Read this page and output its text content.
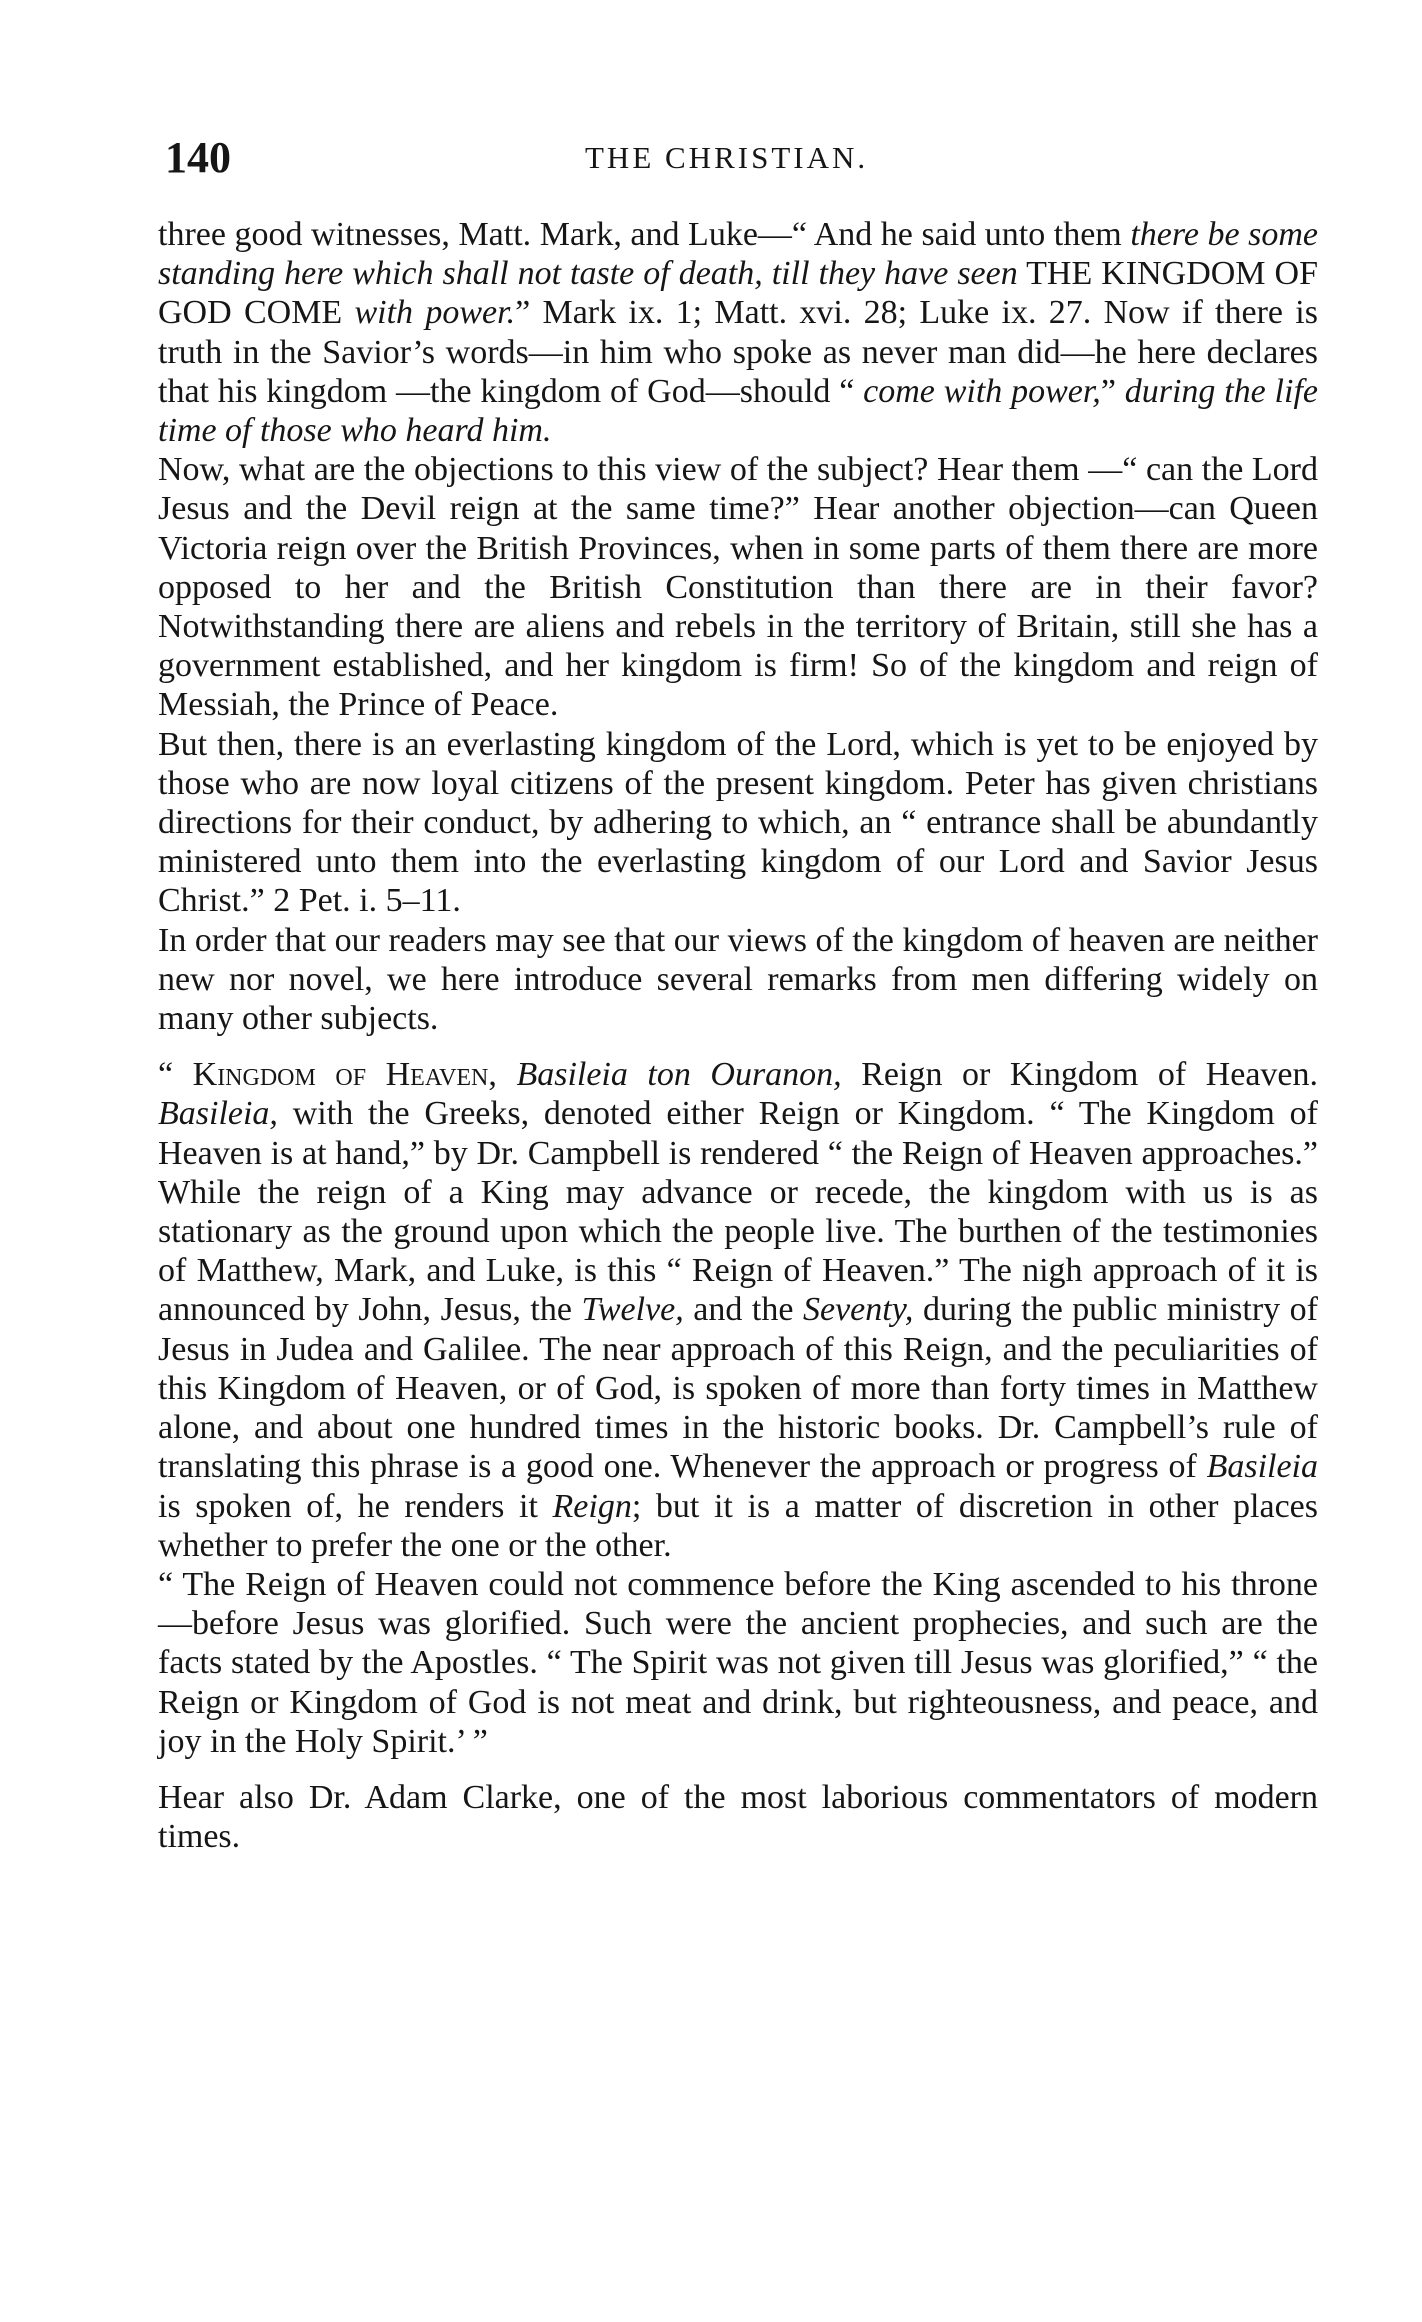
140	THE CHRISTIAN.

three good witnesses, Matt. Mark, and Luke—“ And he said unto them there be some standing here which shall not taste of death, till they have seen THE KINGDOM OF GOD COME with power.” Mark ix. 1; Matt. xvi. 28; Luke ix. 27. Now if there is truth in the Savior’s words—in him who spoke as never man did—he here declares that his kingdom —the kingdom of God—should “ come with power,” during the life time of those who heard him.

Now, what are the objections to this view of the subject? Hear them —“ can the Lord Jesus and the Devil reign at the same time?” Hear another objection—can Queen Victoria reign over the British Provinces, when in some parts of them there are more opposed to her and the British Constitution than there are in their favor? Notwithstanding there are aliens and rebels in the territory of Britain, still she has a government established, and her kingdom is firm! So of the kingdom and reign of Messiah, the Prince of Peace.

But then, there is an everlasting kingdom of the Lord, which is yet to be enjoyed by those who are now loyal citizens of the present kingdom. Peter has given christians directions for their conduct, by adhering to which, an “ entrance shall be abundantly ministered unto them into the everlasting kingdom of our Lord and Savior Jesus Christ.” 2 Pet. i. 5–11.

In order that our readers may see that our views of the kingdom of heaven are neither new nor novel, we here introduce several remarks from men differing widely on many other subjects.

“ Kingdom of Heaven, Basileia ton Ouranon, Reign or Kingdom of Heaven. Basileia, with the Greeks, denoted either Reign or Kingdom. “ The Kingdom of Heaven is at hand,” by Dr. Campbell is rendered “ the Reign of Heaven approaches.” While the reign of a King may advance or recede, the kingdom with us is as stationary as the ground upon which the people live. The burthen of the testimonies of Matthew, Mark, and Luke, is this “ Reign of Heaven.” The nigh approach of it is announced by John, Jesus, the Twelve, and the Seventy, during the public ministry of Jesus in Judea and Galilee. The near approach of this Reign, and the peculiarities of this Kingdom of Heaven, or of God, is spoken of more than forty times in Matthew alone, and about one hundred times in the historic books. Dr. Campbell’s rule of translating this phrase is a good one. Whenever the approach or progress of Basileia is spoken of, he renders it Reign; but it is a matter of discretion in other places whether to prefer the one or the other.

“ The Reign of Heaven could not commence before the King ascended to his throne—before Jesus was glorified. Such were the ancient prophecies, and such are the facts stated by the Apostles. “ The Spirit was not given till Jesus was glorified,” “ the Reign or Kingdom of God is not meat and drink, but righteousness, and peace, and joy in the Holy Spirit.’ ”

Hear also Dr. Adam Clarke, one of the most laborious commentators of modern times.
